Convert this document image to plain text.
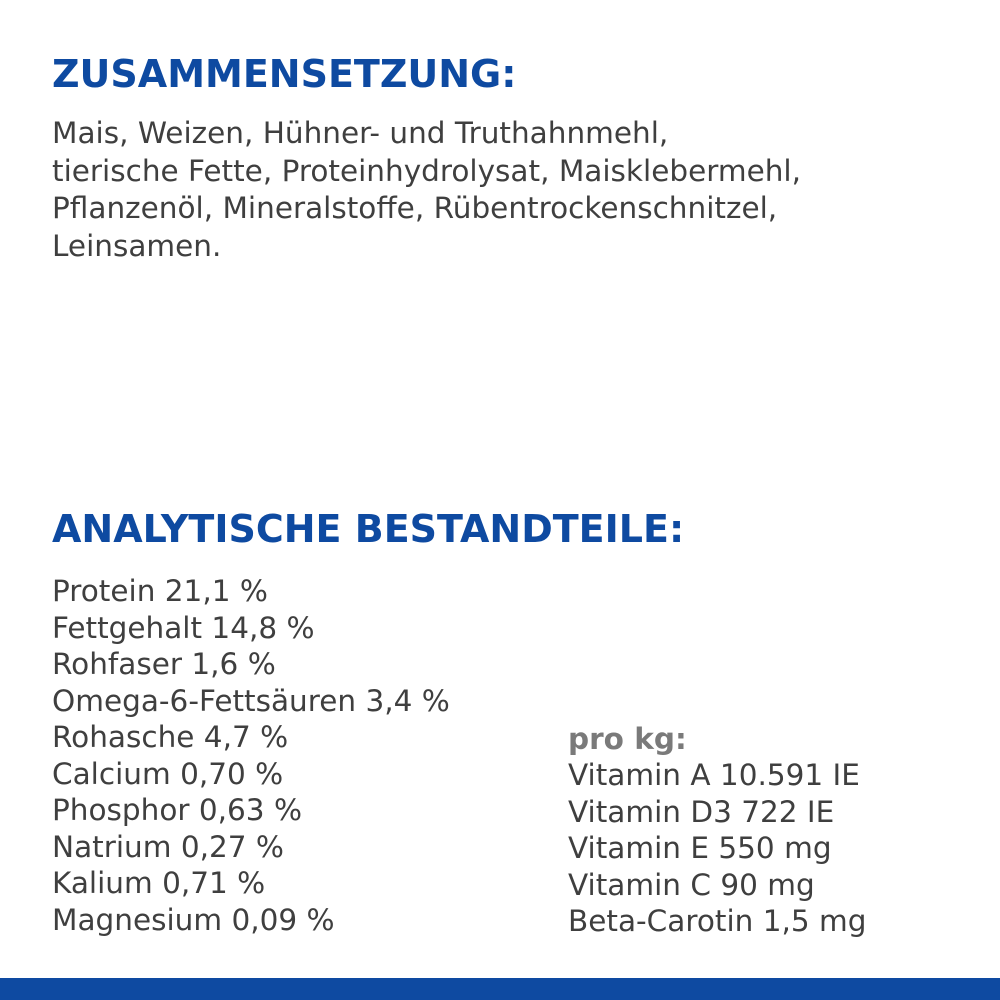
ZUSAMMENSETZUNG:

Mais, Weizen, Hühner- und Truthahnmehl,
tierische Fette, Proteinhydrolysat, Maisklebermehl,
Pflanzenöl, Mineralstoffe, Rübentrockenschnitzel,
Leinsamen.

ANALYTISCHE BESTANDTEILE:
Protein 21,1 %
Fettgehalt 14,8 %
Rohfaser 1,6 %
Omega-6-Fettsäuren 3,4 %
Rohasche 4,7 %
Calcium 0,70 %
Phosphor 0,63 %
Natrium 0,27 %
Kalium 0,71 %
Magnesium 0,09 %
pro kg:
Vitamin A 10.591 IE
Vitamin D3 722 IE
Vitamin E 550 mg
Vitamin C 90 mg
Beta-Carotin 1,5 mg
